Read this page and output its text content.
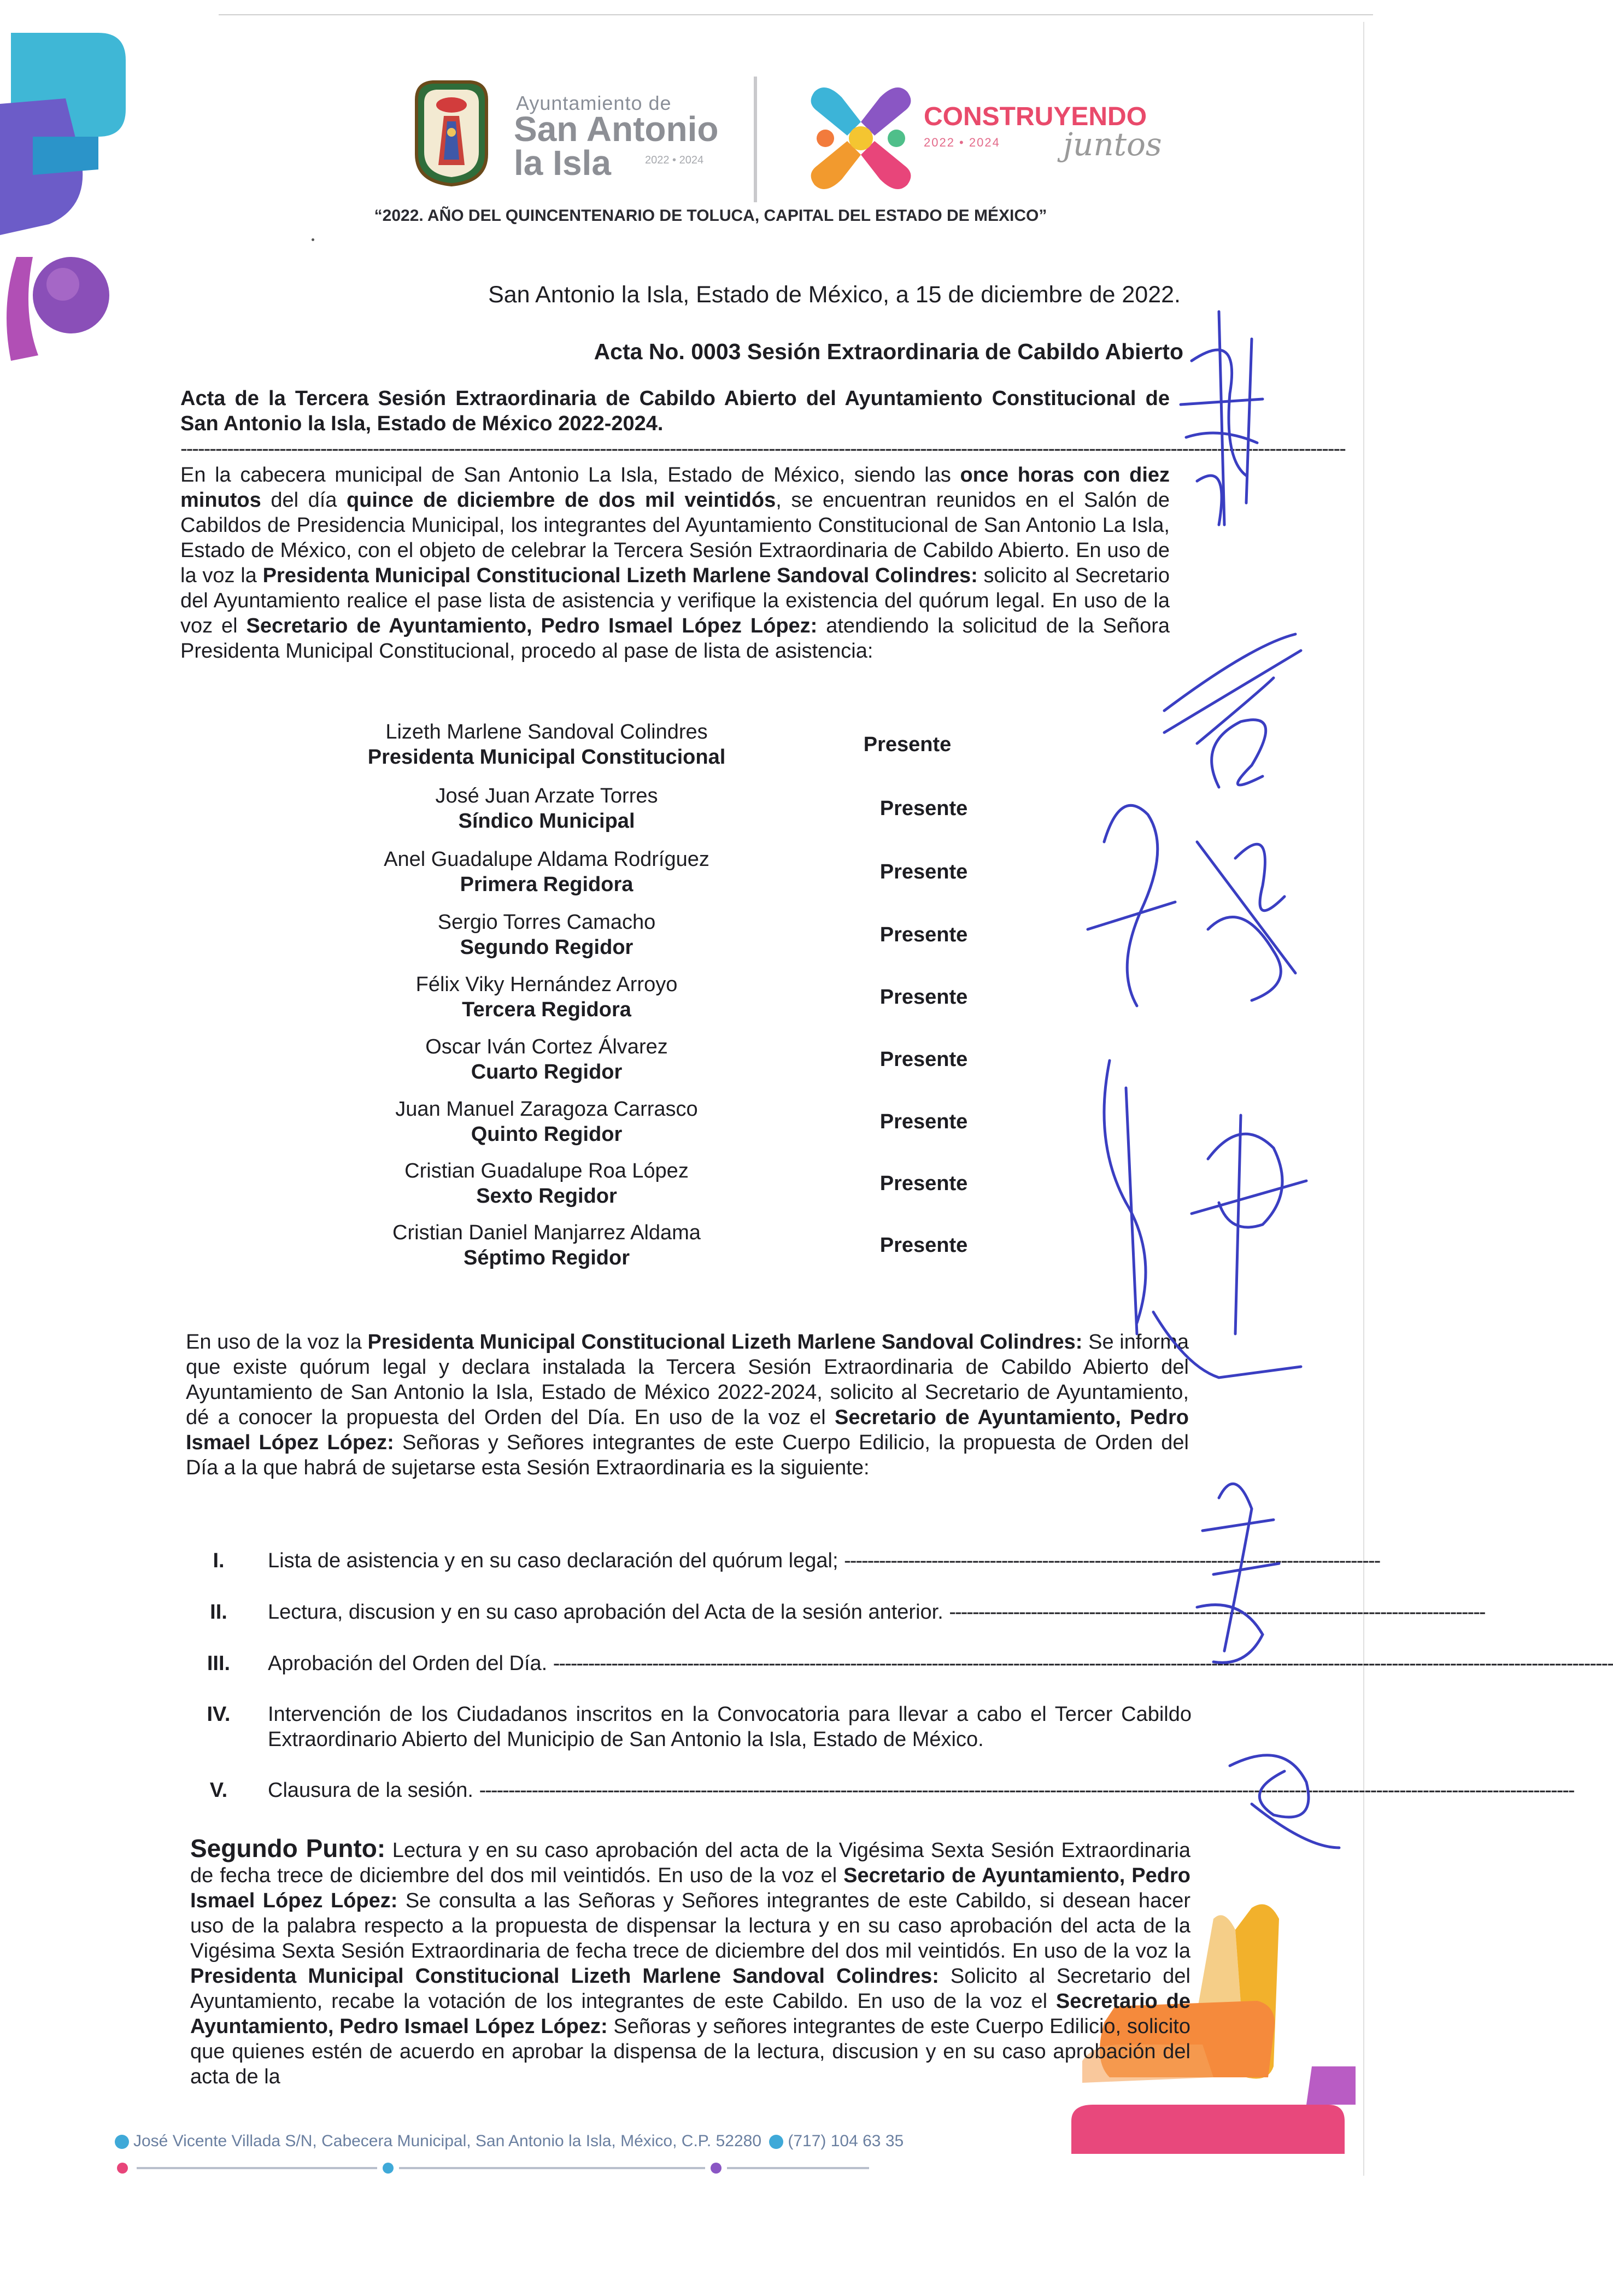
Ayuntamiento de
San Antonio
la Isla	2022 • 2024
CONSTRUYENDO
2022 • 2024 juntos
“2022. AÑO DEL QUINCENTENARIO DE TOLUCA, CAPITAL DEL ESTADO DE MÉXICO”
San Antonio la Isla, Estado de México, a 15 de diciembre de 2022.
Acta No. 0003 Sesión Extraordinaria de Cabildo Abierto
Acta de la Tercera Sesión Extraordinaria de Cabildo Abierto del Ayuntamiento Constitucional de San Antonio la Isla, Estado de México 2022-2024.
--------------------------------------------------------------------------------------------------------------------------------------------------------------------------------------------------------
En la cabecera municipal de San Antonio La Isla, Estado de México, siendo las once horas con diez minutos del día quince de diciembre de dos mil veintidós, se encuentran reunidos en el Salón de Cabildos de Presidencia Municipal, los integrantes del Ayuntamiento Constitucional de San Antonio La Isla, Estado de México, con el objeto de celebrar la Tercera Sesión Extraordinaria de Cabildo Abierto. En uso de la voz la Presidenta Municipal Constitucional Lizeth Marlene Sandoval Colindres: solicito al Secretario del Ayuntamiento realice el pase lista de asistencia y verifique la existencia del quórum legal. En uso de la voz el Secretario de Ayuntamiento, Pedro Ismael López López: atendiendo la solicitud de la Señora Presidenta Municipal Constitucional, procedo al pase de lista de asistencia:
Lizeth Marlene Sandoval Colindres
Presidenta Municipal Constitucional
Presente
José Juan Arzate Torres
Síndico Municipal
Presente
Anel Guadalupe Aldama Rodríguez
Primera Regidora
Presente
Sergio Torres Camacho
Segundo Regidor
Presente
Félix Viky Hernández Arroyo
Tercera Regidora
Presente
Oscar Iván Cortez Álvarez
Cuarto Regidor
Presente
Juan Manuel Zaragoza Carrasco
Quinto Regidor
Presente
Cristian Guadalupe Roa López
Sexto Regidor
Presente
Cristian Daniel Manjarrez Aldama
Séptimo Regidor
Presente
En uso de la voz la Presidenta Municipal Constitucional Lizeth Marlene Sandoval Colindres: Se informa que existe quórum legal y declara instalada la Tercera Sesión Extraordinaria de Cabildo Abierto del Ayuntamiento de San Antonio la Isla, Estado de México 2022-2024, solicito al Secretario de Ayuntamiento, dé a conocer la propuesta del Orden del Día. En uso de la voz el Secretario de Ayuntamiento, Pedro Ismael López López: Señoras y Señores integrantes de este Cuerpo Edilicio, la propuesta de Orden del Día a la que habrá de sujetarse esta Sesión Extraordinaria es la siguiente:
I.	Lista de asistencia y en su caso declaración del quórum legal; --------------------------------------------------------------------------------------------
II.	Lectura, discusion y en su caso aprobación del Acta de la sesión anterior. --------------------------------------------------------------------------------------------
III.	Aprobación del Orden del Día. --------------------------------------------------------------------------------------------------------------------------------------------------------------------------------------
IV.	Intervención de los Ciudadanos inscritos en la Convocatoria para llevar a cabo el Tercer Cabildo Extraordinario Abierto del Municipio de San Antonio la Isla, Estado de México.
V.	Clausura de la sesión. --------------------------------------------------------------------------------------------------------------------------------------------------------------------------------------------
Segundo Punto: Lectura y en su caso aprobación del acta de la Vigésima Sexta Sesión Extraordinaria de fecha trece de diciembre del dos mil veintidós. En uso de la voz el Secretario de Ayuntamiento, Pedro Ismael López López: Se consulta a las Señoras y Señores integrantes de este Cabildo, si desean hacer uso de la palabra respecto a la propuesta de dispensar la lectura y en su caso aprobación del acta de la Vigésima Sexta Sesión Extraordinaria de fecha trece de diciembre del dos mil veintidós. En uso de la voz la Presidenta Municipal Constitucional Lizeth Marlene Sandoval Colindres: Solicito al Secretario del Ayuntamiento, recabe la votación de los integrantes de este Cabildo. En uso de la voz el Secretario de Ayuntamiento, Pedro Ismael López López: Señoras y señores integrantes de este Cuerpo Edilicio, solicito que quienes estén de acuerdo en aprobar la dispensa de la lectura, discusion y en su caso aprobación del acta de la
José Vicente Villada S/N, Cabecera Municipal, San Antonio la Isla, México, C.P. 52280 (717) 104 63 35
